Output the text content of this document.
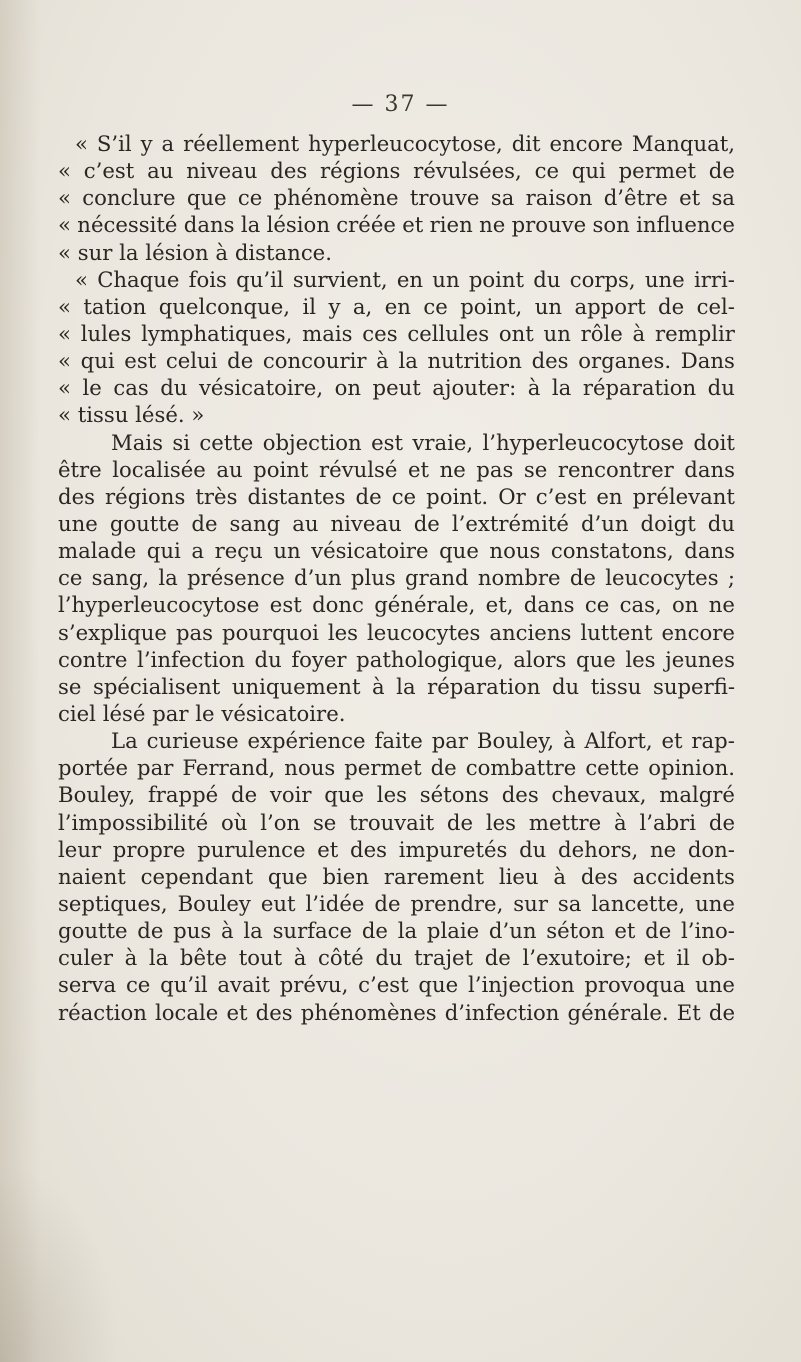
— 37 —
« S’il y a réellement hyperleucocytose, dit encore Manquat,
« c’est au niveau des régions révulsées, ce qui permet de
« conclure que ce phénomène trouve sa raison d’être et sa
« nécessité dans la lésion créée et rien ne prouve son influence
« sur la lésion à distance.
« Chaque fois qu’il survient, en un point du corps, une irri-
« tation quelconque, il y a, en ce point, un apport de cel-
« lules lymphatiques, mais ces cellules ont un rôle à remplir
« qui est celui de concourir à la nutrition des organes. Dans
« le cas du vésicatoire, on peut ajouter: à la réparation du
« tissu lésé. »
Mais si cette objection est vraie, l’hyperleucocytose doit
être localisée au point révulsé et ne pas se rencontrer dans
des régions très distantes de ce point. Or c’est en prélevant
une goutte de sang au niveau de l’extrémité d’un doigt du
malade qui a reçu un vésicatoire que nous constatons, dans
ce sang, la présence d’un plus grand nombre de leucocytes ;
l’hyperleucocytose est donc générale, et, dans ce cas, on ne
s’explique pas pourquoi les leucocytes anciens luttent encore
contre l’infection du foyer pathologique, alors que les jeunes
se spécialisent uniquement à la réparation du tissu superfi-
ciel lésé par le vésicatoire.
La curieuse expérience faite par Bouley, à Alfort, et rap-
portée par Ferrand, nous permet de combattre cette opinion.
Bouley, frappé de voir que les sétons des chevaux, malgré
l’impossibilité où l’on se trouvait de les mettre à l’abri de
leur propre purulence et des impuretés du dehors, ne don-
naient cependant que bien rarement lieu à des accidents
septiques, Bouley eut l’idée de prendre, sur sa lancette, une
goutte de pus à la surface de la plaie d’un séton et de l’ino-
culer à la bête tout à côté du trajet de l’exutoire; et il ob-
serva ce qu’il avait prévu, c’est que l’injection provoqua une
réaction locale et des phénomènes d’infection générale. Et de
